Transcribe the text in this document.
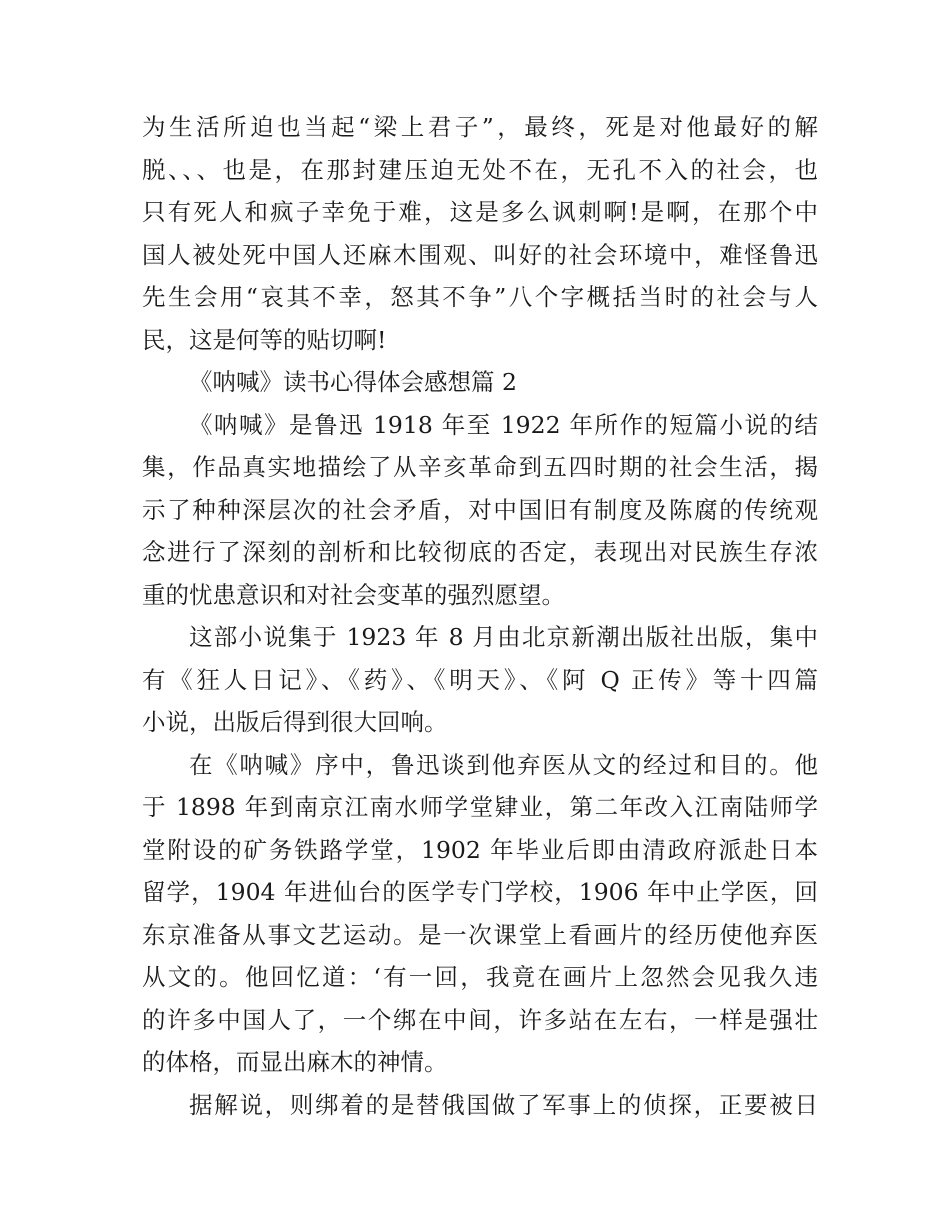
为生活所迫也当起“梁上君子”，最终，死是对他最好的解
脱、、、也是，在那封建压迫无处不在，无孔不入的社会，也
只有死人和疯子幸免于难，这是多么讽刺啊!是啊，在那个中
国人被处死中国人还麻木围观、叫好的社会环境中，难怪鲁迅
先生会用“哀其不幸，怒其不争”八个字概括当时的社会与人
民，这是何等的贴切啊!
《呐喊》读书心得体会感想篇 2
《呐喊》是鲁迅 1918 年至 1922 年所作的短篇小说的结
集，作品真实地描绘了从辛亥革命到五四时期的社会生活，揭
示了种种深层次的社会矛盾，对中国旧有制度及陈腐的传统观
念进行了深刻的剖析和比较彻底的否定，表现出对民族生存浓
重的忧患意识和对社会变革的强烈愿望。
这部小说集于 1923 年 8 月由北京新潮出版社出版，集中
有《狂人日记》、《药》、《明天》、《阿 Q 正传》等十四篇
小说，出版后得到很大回响。
在《呐喊》序中，鲁迅谈到他弃医从文的经过和目的。他
于 1898 年到南京江南水师学堂肄业，第二年改入江南陆师学
堂附设的矿务铁路学堂，1902 年毕业后即由清政府派赴日本
留学，1904 年进仙台的医学专门学校，1906 年中止学医，回
东京准备从事文艺运动。是一次课堂上看画片的经历使他弃医
从文的。他回忆道：‘有一回，我竟在画片上忽然会见我久违
的许多中国人了，一个绑在中间，许多站在左右，一样是强壮
的体格，而显出麻木的神情。
据解说，则绑着的是替俄国做了军事上的侦探，正要被日
